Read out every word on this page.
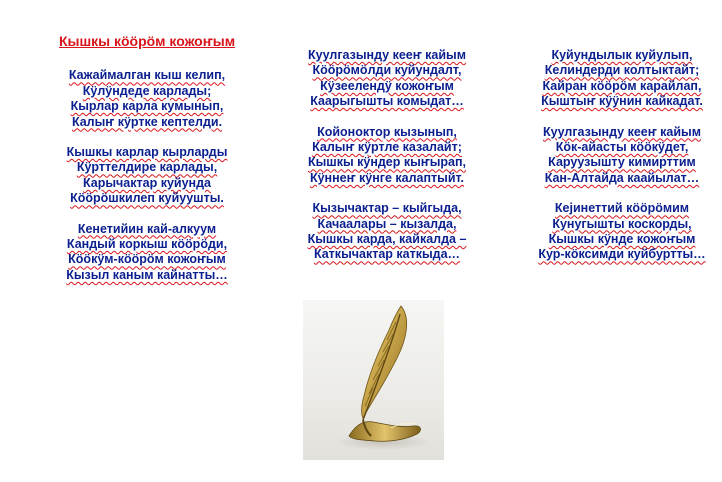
Кышкы кӧӧрӧм кожоҥым
Кажаймалган кыш келип,
Кӱлӱндеде карлады;
Кырлар карла кумынып,
Калыҥ кӱртке кептелди.
Кышкы карлар кырларды
Кӱрттелдире карлады,
Карычактар куйунда
Кӧӧрӧшкилеп куйуушты.
Кенетийин кай-алкуум
Кандый коркыш кӧӧрӧди,
Кӧӧкӱм-кӧӧрӧм кожоҥым
Кызыл каным кайнатты…
Куулгазынду кееҥ кайым
Кӧӧрӧмӧлди куйундалт,
Кӱзеелендӱ кожоҥым
Каарыгышты комыдат…
Койоноктор кызынып,
Калыҥ кӱртле казалайт;
Кышкы кӱндер кыҥырап,
Кӱннеҥ кӱнге калаптыйт.
Кызычактар – кыйгыда,
Качаалары – кызалда,
Кышкы карда, кайкалда –
Каткычактар каткыда…
Куйундылык куйулып,
Келиндерди колтыктайт;
Кайран кӧӧрӧм карайлап,
Кыштыҥ кӱӱнин кайкадат.
Куулгазынду кееҥ кайым
Кӧк-айасты кӧӧкӱдет,
Каруузышту кимирттим
Кан-Алтайда каайылат…
Кејинеттий кӧӧрӧмим
Кунугышты коскорды,
Кышкы кӱнде кожоҥым
Кур-кӧксимди куйбуртты…
